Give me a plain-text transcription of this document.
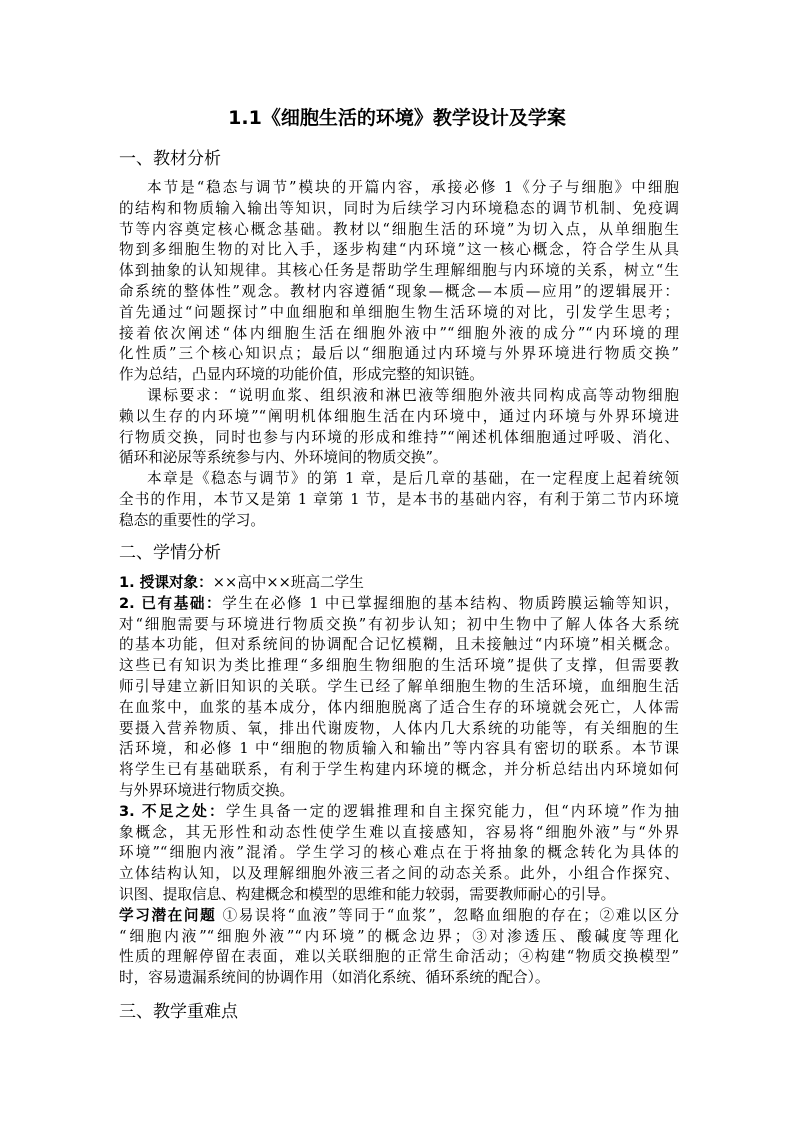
1.1《细胞生活的环境》教学设计及学案
一、教材分析

本节是“稳态与调节”模块的开篇内容，承接必修 1《分子与细胞》中细胞

的结构和物质输入输出等知识，同时为后续学习内环境稳态的调节机制、免疫调

节等内容奠定核心概念基础。教材以“细胞生活的环境”为切入点，从单细胞生

物到多细胞生物的对比入手，逐步构建“内环境”这一核心概念，符合学生从具

体到抽象的认知规律。其核心任务是帮助学生理解细胞与内环境的关系，树立“生

命系统的整体性”观念。教材内容遵循“现象—概念—本质—应用”的逻辑展开：

首先通过“问题探讨”中血细胞和单细胞生物生活环境的对比，引发学生思考；

接着依次阐述“体内细胞生活在细胞外液中”“细胞外液的成分”“内环境的理

化性质”三个核心知识点；最后以“细胞通过内环境与外界环境进行物质交换”

作为总结，凸显内环境的功能价值，形成完整的知识链。

课标要求：“说明血浆、组织液和淋巴液等细胞外液共同构成高等动物细胞

赖以生存的内环境”“阐明机体细胞生活在内环境中，通过内环境与外界环境进

行物质交换，同时也参与内环境的形成和维持”“阐述机体细胞通过呼吸、消化、

循环和泌尿等系统参与内、外环境间的物质交换”。

本章是《稳态与调节》的第 1 章，是后几章的基础，在一定程度上起着统领

全书的作用，本节又是第 1 章第 1 节，是本书的基础内容，有利于第二节内环境

稳态的重要性的学习。

二、学情分析

1. 授课对象：××高中××班高二学生

2. 已有基础：学生在必修 1 中已掌握细胞的基本结构、物质跨膜运输等知识，

对“细胞需要与环境进行物质交换”有初步认知；初中生物中了解人体各大系统

的基本功能，但对系统间的协调配合记忆模糊，且未接触过“内环境”相关概念。

这些已有知识为类比推理“多细胞生物细胞的生活环境”提供了支撑，但需要教

师引导建立新旧知识的关联。学生已经了解单细胞生物的生活环境，血细胞生活

在血浆中，血浆的基本成分，体内细胞脱离了适合生存的环境就会死亡，人体需

要摄入营养物质、氧，排出代谢废物，人体内几大系统的功能等，有关细胞的生

活环境，和必修 1 中“细胞的物质输入和输出”等内容具有密切的联系。本节课

将学生已有基础联系，有利于学生构建内环境的概念，并分析总结出内环境如何

与外界环境进行物质交换。

3. 不足之处：学生具备一定的逻辑推理和自主探究能力，但“内环境”作为抽

象概念，其无形性和动态性使学生难以直接感知，容易将“细胞外液”与“外界

环境”“细胞内液”混淆。学生学习的核心难点在于将抽象的概念转化为具体的

立体结构认知，以及理解细胞外液三者之间的动态关系。此外，小组合作探究、

识图、提取信息、构建概念和模型的思维和能力较弱，需要教师耐心的引导。

学习潜在问题 ①易误将“血液”等同于“血浆”，忽略血细胞的存在；②难以区分

“细胞内液”“细胞外液”“内环境”的概念边界；③对渗透压、酸碱度等理化

性质的理解停留在表面，难以关联细胞的正常生命活动；④构建“物质交换模型”

时，容易遗漏系统间的协调作用（如消化系统、循环系统的配合）。

三、教学重难点
